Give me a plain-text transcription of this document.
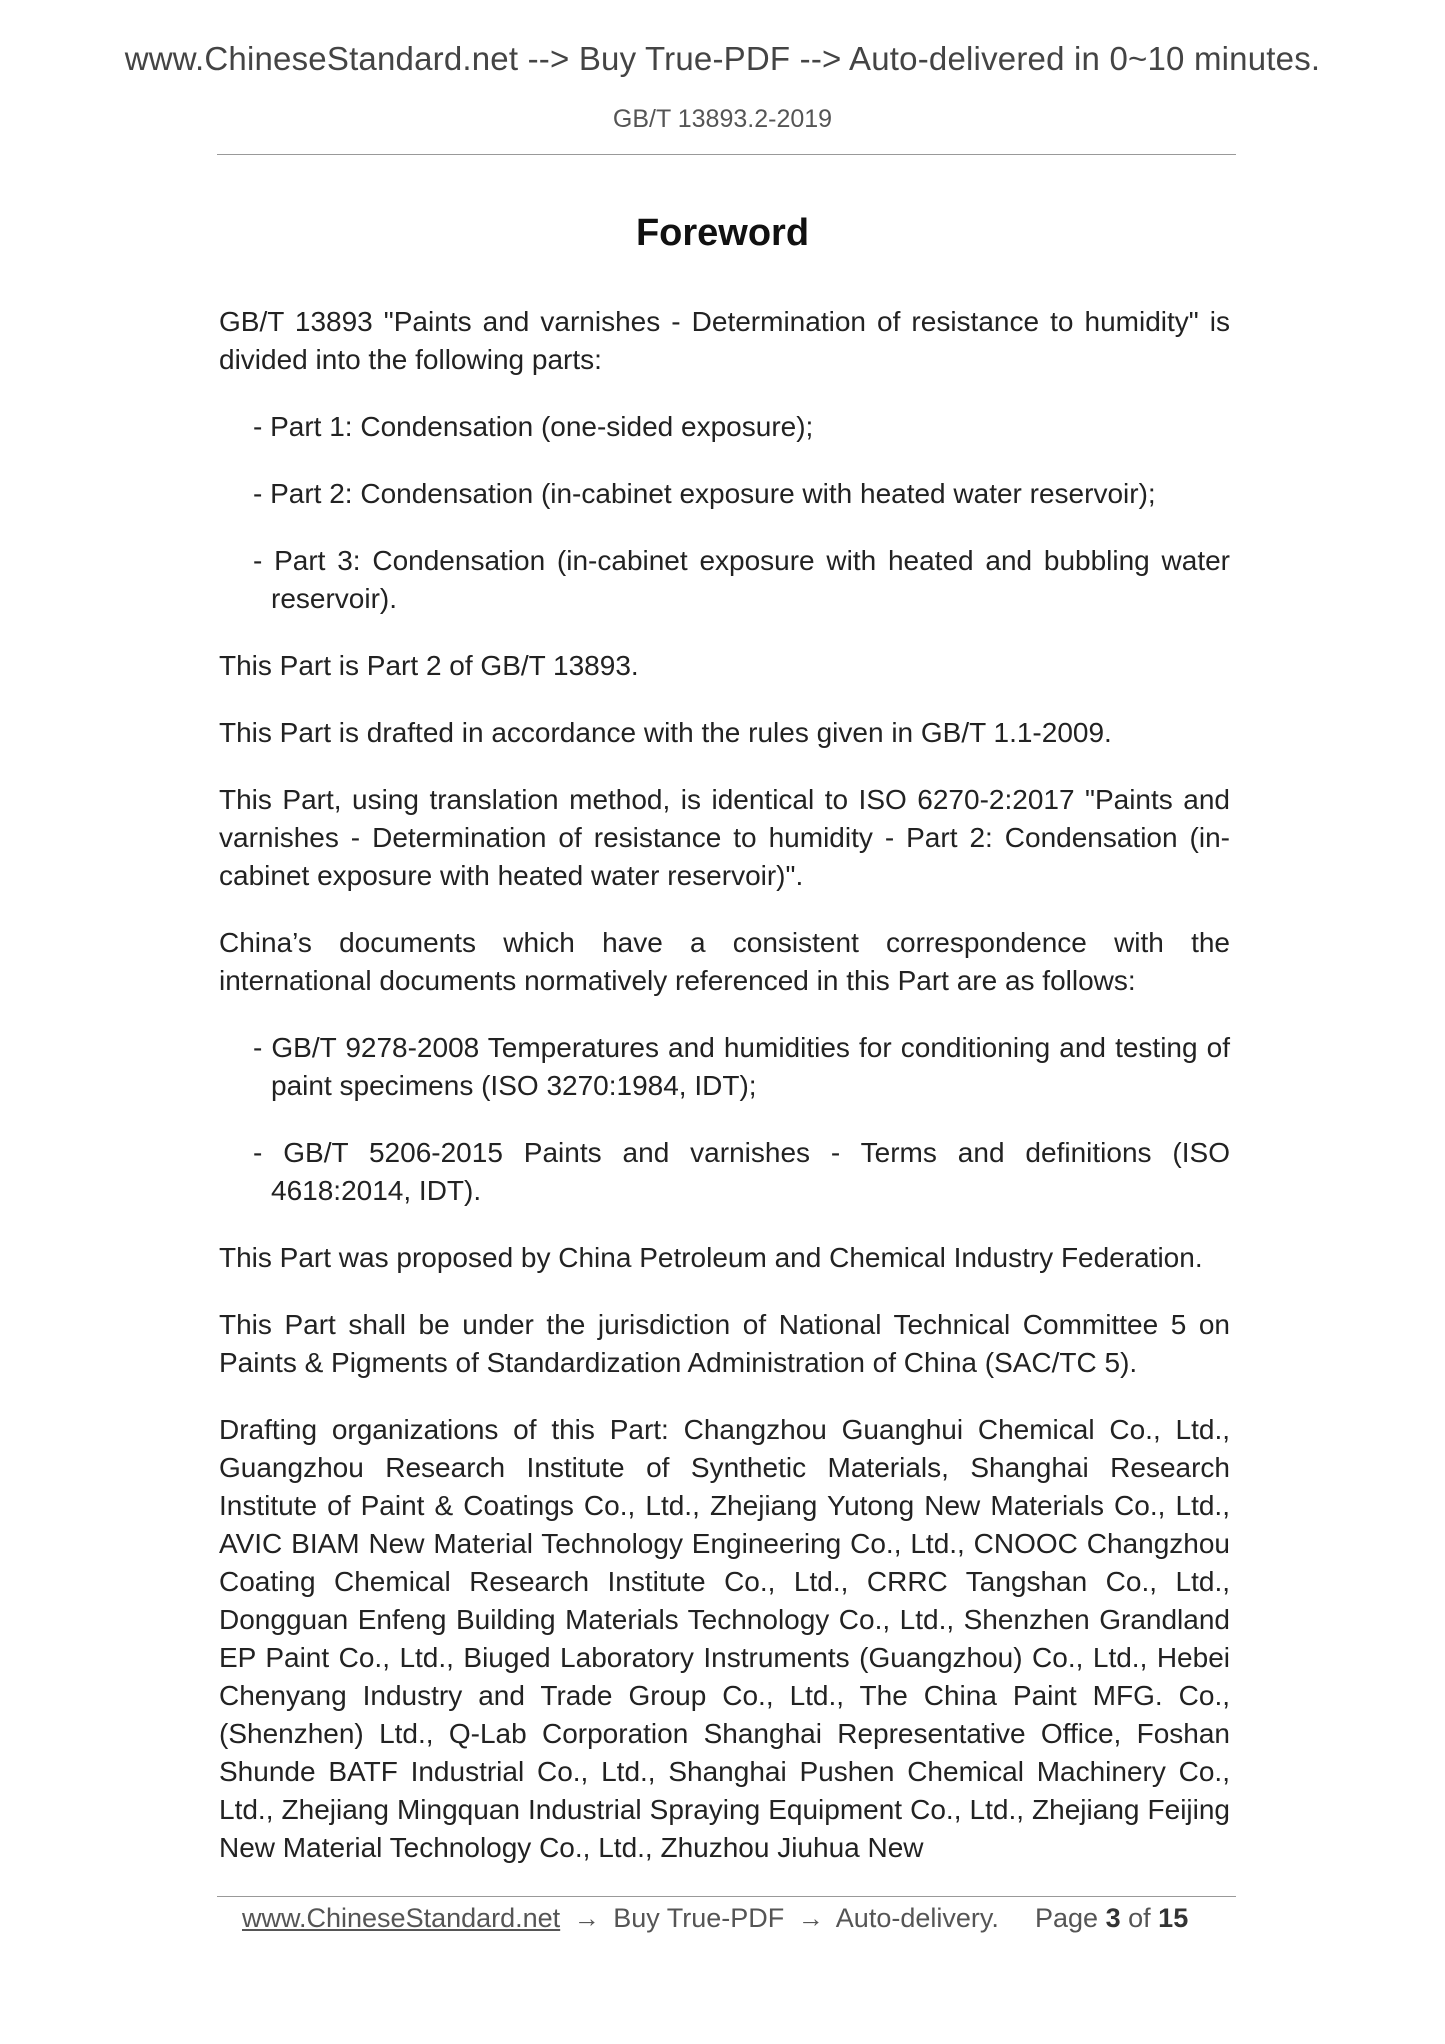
www.ChineseStandard.net --> Buy True-PDF --> Auto-delivered in 0~10 minutes.
GB/T 13893.2-2019
Foreword

GB/T 13893 "Paints and varnishes - Determination of resistance to humidity" is divided into the following parts:

- Part 1: Condensation (one-sided exposure);
- Part 2: Condensation (in-cabinet exposure with heated water reservoir);
- Part 3: Condensation (in-cabinet exposure with heated and bubbling water reservoir).

This Part is Part 2 of GB/T 13893.

This Part is drafted in accordance with the rules given in GB/T 1.1-2009.

This Part, using translation method, is identical to ISO 6270-2:2017 "Paints and varnishes - Determination of resistance to humidity - Part 2: Condensation (in-cabinet exposure with heated water reservoir)".

China’s documents which have a consistent correspondence with the international documents normatively referenced in this Part are as follows:

- GB/T 9278-2008 Temperatures and humidities for conditioning and testing of paint specimens (ISO 3270:1984, IDT);
- GB/T 5206-2015 Paints and varnishes - Terms and definitions (ISO 4618:2014, IDT).

This Part was proposed by China Petroleum and Chemical Industry Federation.

This Part shall be under the jurisdiction of National Technical Committee 5 on Paints & Pigments of Standardization Administration of China (SAC/TC 5).

Drafting organizations of this Part: Changzhou Guanghui Chemical Co., Ltd., Guangzhou Research Institute of Synthetic Materials, Shanghai Research Institute of Paint & Coatings Co., Ltd., Zhejiang Yutong New Materials Co., Ltd., AVIC BIAM New Material Technology Engineering Co., Ltd., CNOOC Changzhou Coating Chemical Research Institute Co., Ltd., CRRC Tangshan Co., Ltd., Dongguan Enfeng Building Materials Technology Co., Ltd., Shenzhen Grandland EP Paint Co., Ltd., Biuged Laboratory Instruments (Guangzhou) Co., Ltd., Hebei Chenyang Industry and Trade Group Co., Ltd., The China Paint MFG. Co., (Shenzhen) Ltd., Q-Lab Corporation Shanghai Representative Office, Foshan Shunde BATF Industrial Co., Ltd., Shanghai Pushen Chemical Machinery Co., Ltd., Zhejiang Mingquan Industrial Spraying Equipment Co., Ltd., Zhejiang Feijing New Material Technology Co., Ltd., Zhuzhou Jiuhua New

www.ChineseStandard.net → Buy True-PDF → Auto-delivery. Page 3 of 15
